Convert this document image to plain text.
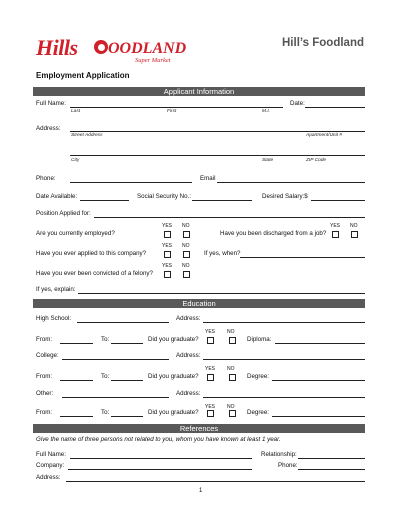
Hills OODLAND
Super Market
Hill’s Foodland
Employment Application
Applicant Information
Full Name:	Date:
Last	First	M.I.
Address:
Street Address	Apartment/Unit #
City	State	ZIP Code
Phone:	Email
Date Available:	Social Security No.:	Desired Salary:$
Position Applied for:
YES NO	YES NO
Are you currently employed?	Have you been discharged from a job?
YES NO
Have you ever applied to this company?	If yes, when?
YES NO
Have you ever been convicted of a felony?
If yes, explain:
Education
High School:	Address:
YES NO
From:	To:	Did you graduate?	Diploma:
College:	Address:
YES NO
From:	To:	Did you graduate?	Degree:
Other:	Address:
YES NO
From:	To:	Did you graduate?	Degree:
References
Give the name of three persons not related to you, whom you have known at least 1 year.
Full Name:	Relationship:
Company:	Phone:
Address:
1
